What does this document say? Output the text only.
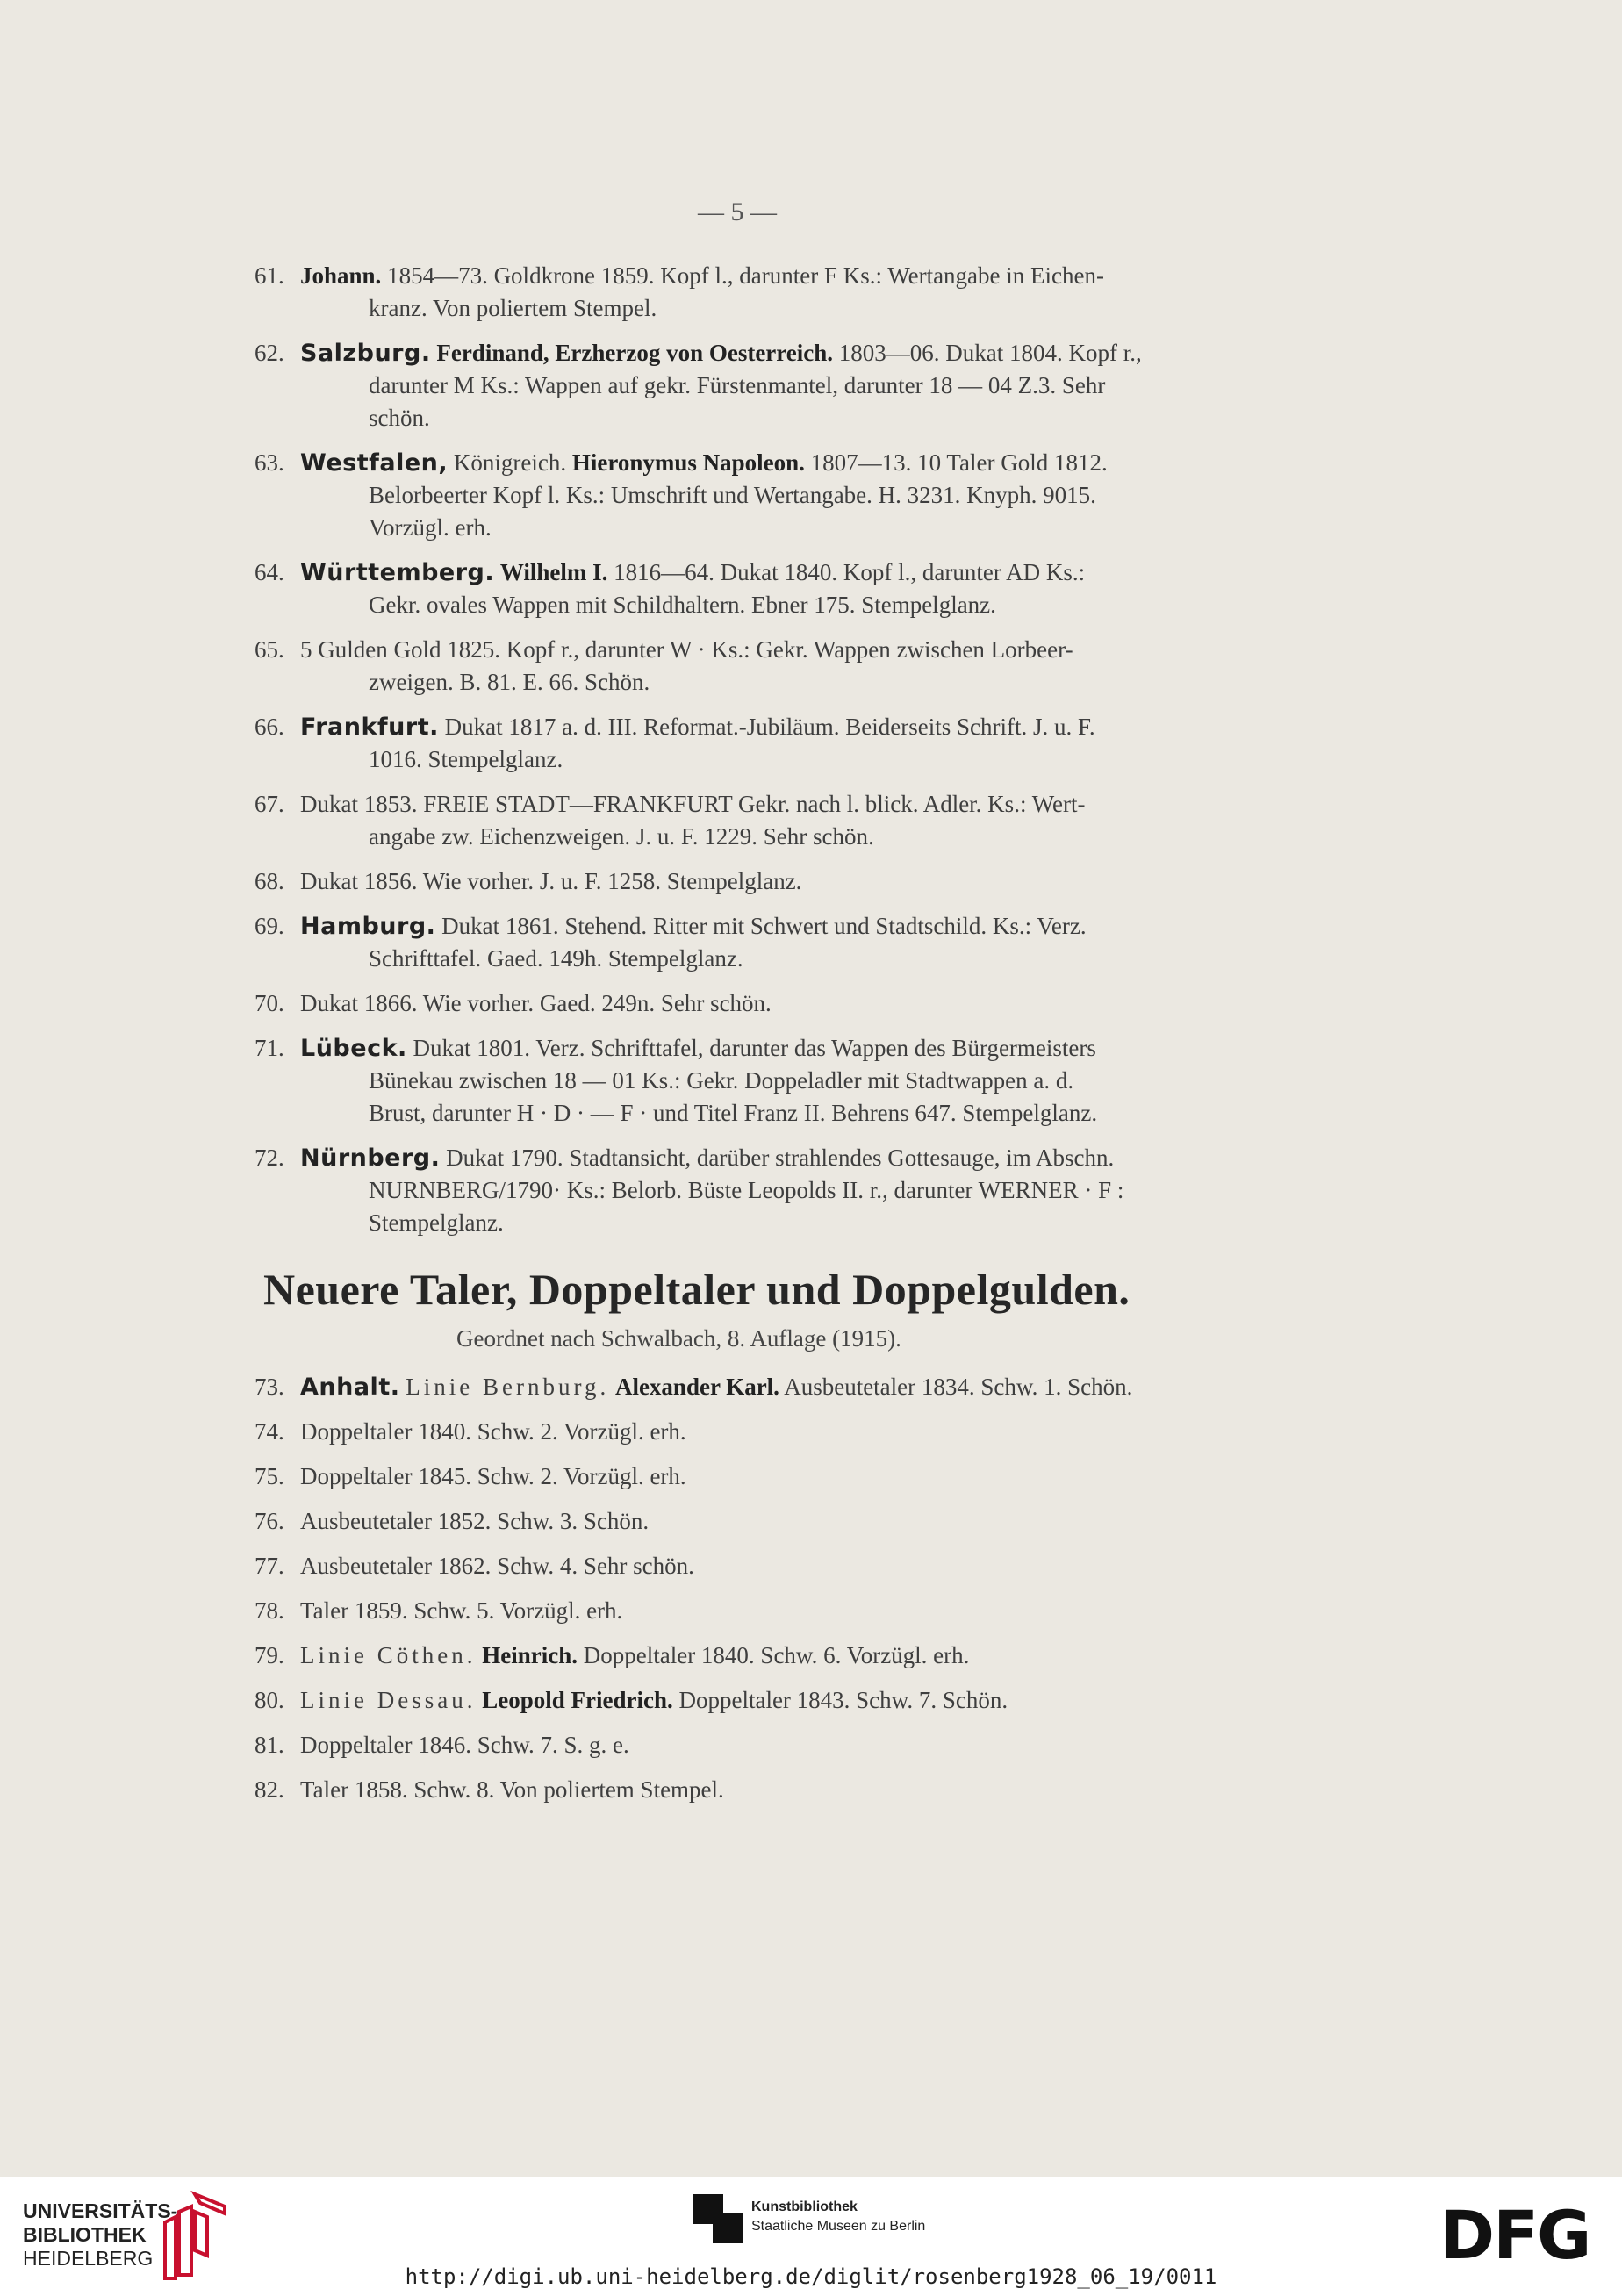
— 5 —
61. Johann. 1854—73. Goldkrone 1859. Kopf l., darunter F Ks.: Wertangabe in Eichen-
kranz. Von poliertem Stempel.
62. Salzburg. Ferdinand, Erzherzog von Oesterreich. 1803—06. Dukat 1804. Kopf r.,
darunter M Ks.: Wappen auf gekr. Fürstenmantel, darunter 18 — 04 Z.3. Sehr
schön.
63. Westfalen, Königreich. Hieronymus Napoleon. 1807—13. 10 Taler Gold 1812.
Belorbeerter Kopf l. Ks.: Umschrift und Wertangabe. H. 3231. Knyph. 9015.
Vorzügl. erh.
64. Württemberg. Wilhelm I. 1816—64. Dukat 1840. Kopf l., darunter AD Ks.:
Gekr. ovales Wappen mit Schildhaltern. Ebner 175. Stempelglanz.
65. 5 Gulden Gold 1825. Kopf r., darunter W · Ks.: Gekr. Wappen zwischen Lorbeer-
zweigen. B. 81. E. 66. Schön.
66. Frankfurt. Dukat 1817 a. d. III. Reformat.-Jubiläum. Beiderseits Schrift. J. u. F.
1016. Stempelglanz.
67. Dukat 1853. FREIE STADT—FRANKFURT Gekr. nach l. blick. Adler. Ks.: Wert-
angabe zw. Eichenzweigen. J. u. F. 1229. Sehr schön.
68. Dukat 1856. Wie vorher. J. u. F. 1258. Stempelglanz.
69. Hamburg. Dukat 1861. Stehend. Ritter mit Schwert und Stadtschild. Ks.: Verz.
Schrifttafel. Gaed. 149h. Stempelglanz.
70. Dukat 1866. Wie vorher. Gaed. 249n. Sehr schön.
71. Lübeck. Dukat 1801. Verz. Schrifttafel, darunter das Wappen des Bürgermeisters
Bünekau zwischen 18 — 01 Ks.: Gekr. Doppeladler mit Stadtwappen a. d.
Brust, darunter H · D · — F · und Titel Franz II. Behrens 647. Stempelglanz.
72. Nürnberg. Dukat 1790. Stadtansicht, darüber strahlendes Gottesauge, im Abschn.
NURNBERG/1790· Ks.: Belorb. Büste Leopolds II. r., darunter WERNER · F :
Stempelglanz.
Neuere Taler, Doppeltaler und Doppelgulden.
Geordnet nach Schwalbach, 8. Auflage (1915).
73. Anhalt. Linie Bernburg. Alexander Karl. Ausbeutetaler 1834. Schw. 1. Schön.
74. Doppeltaler 1840. Schw. 2. Vorzügl. erh.
75. Doppeltaler 1845. Schw. 2. Vorzügl. erh.
76. Ausbeutetaler 1852. Schw. 3. Schön.
77. Ausbeutetaler 1862. Schw. 4. Sehr schön.
78. Taler 1859. Schw. 5. Vorzügl. erh.
79. Linie Cöthen. Heinrich. Doppeltaler 1840. Schw. 6. Vorzügl. erh.
80. Linie Dessau. Leopold Friedrich. Doppeltaler 1843. Schw. 7. Schön.
81. Doppeltaler 1846. Schw. 7. S. g. e.
82. Taler 1858. Schw. 8. Von poliertem Stempel.
UNIVERSITÄTS-
BIBLIOTHEK
HEIDELBERG
Kunstbibliothek
Staatliche Museen zu Berlin	DFG
http://digi.ub.uni-heidelberg.de/diglit/rosenberg1928_06_19/0011
